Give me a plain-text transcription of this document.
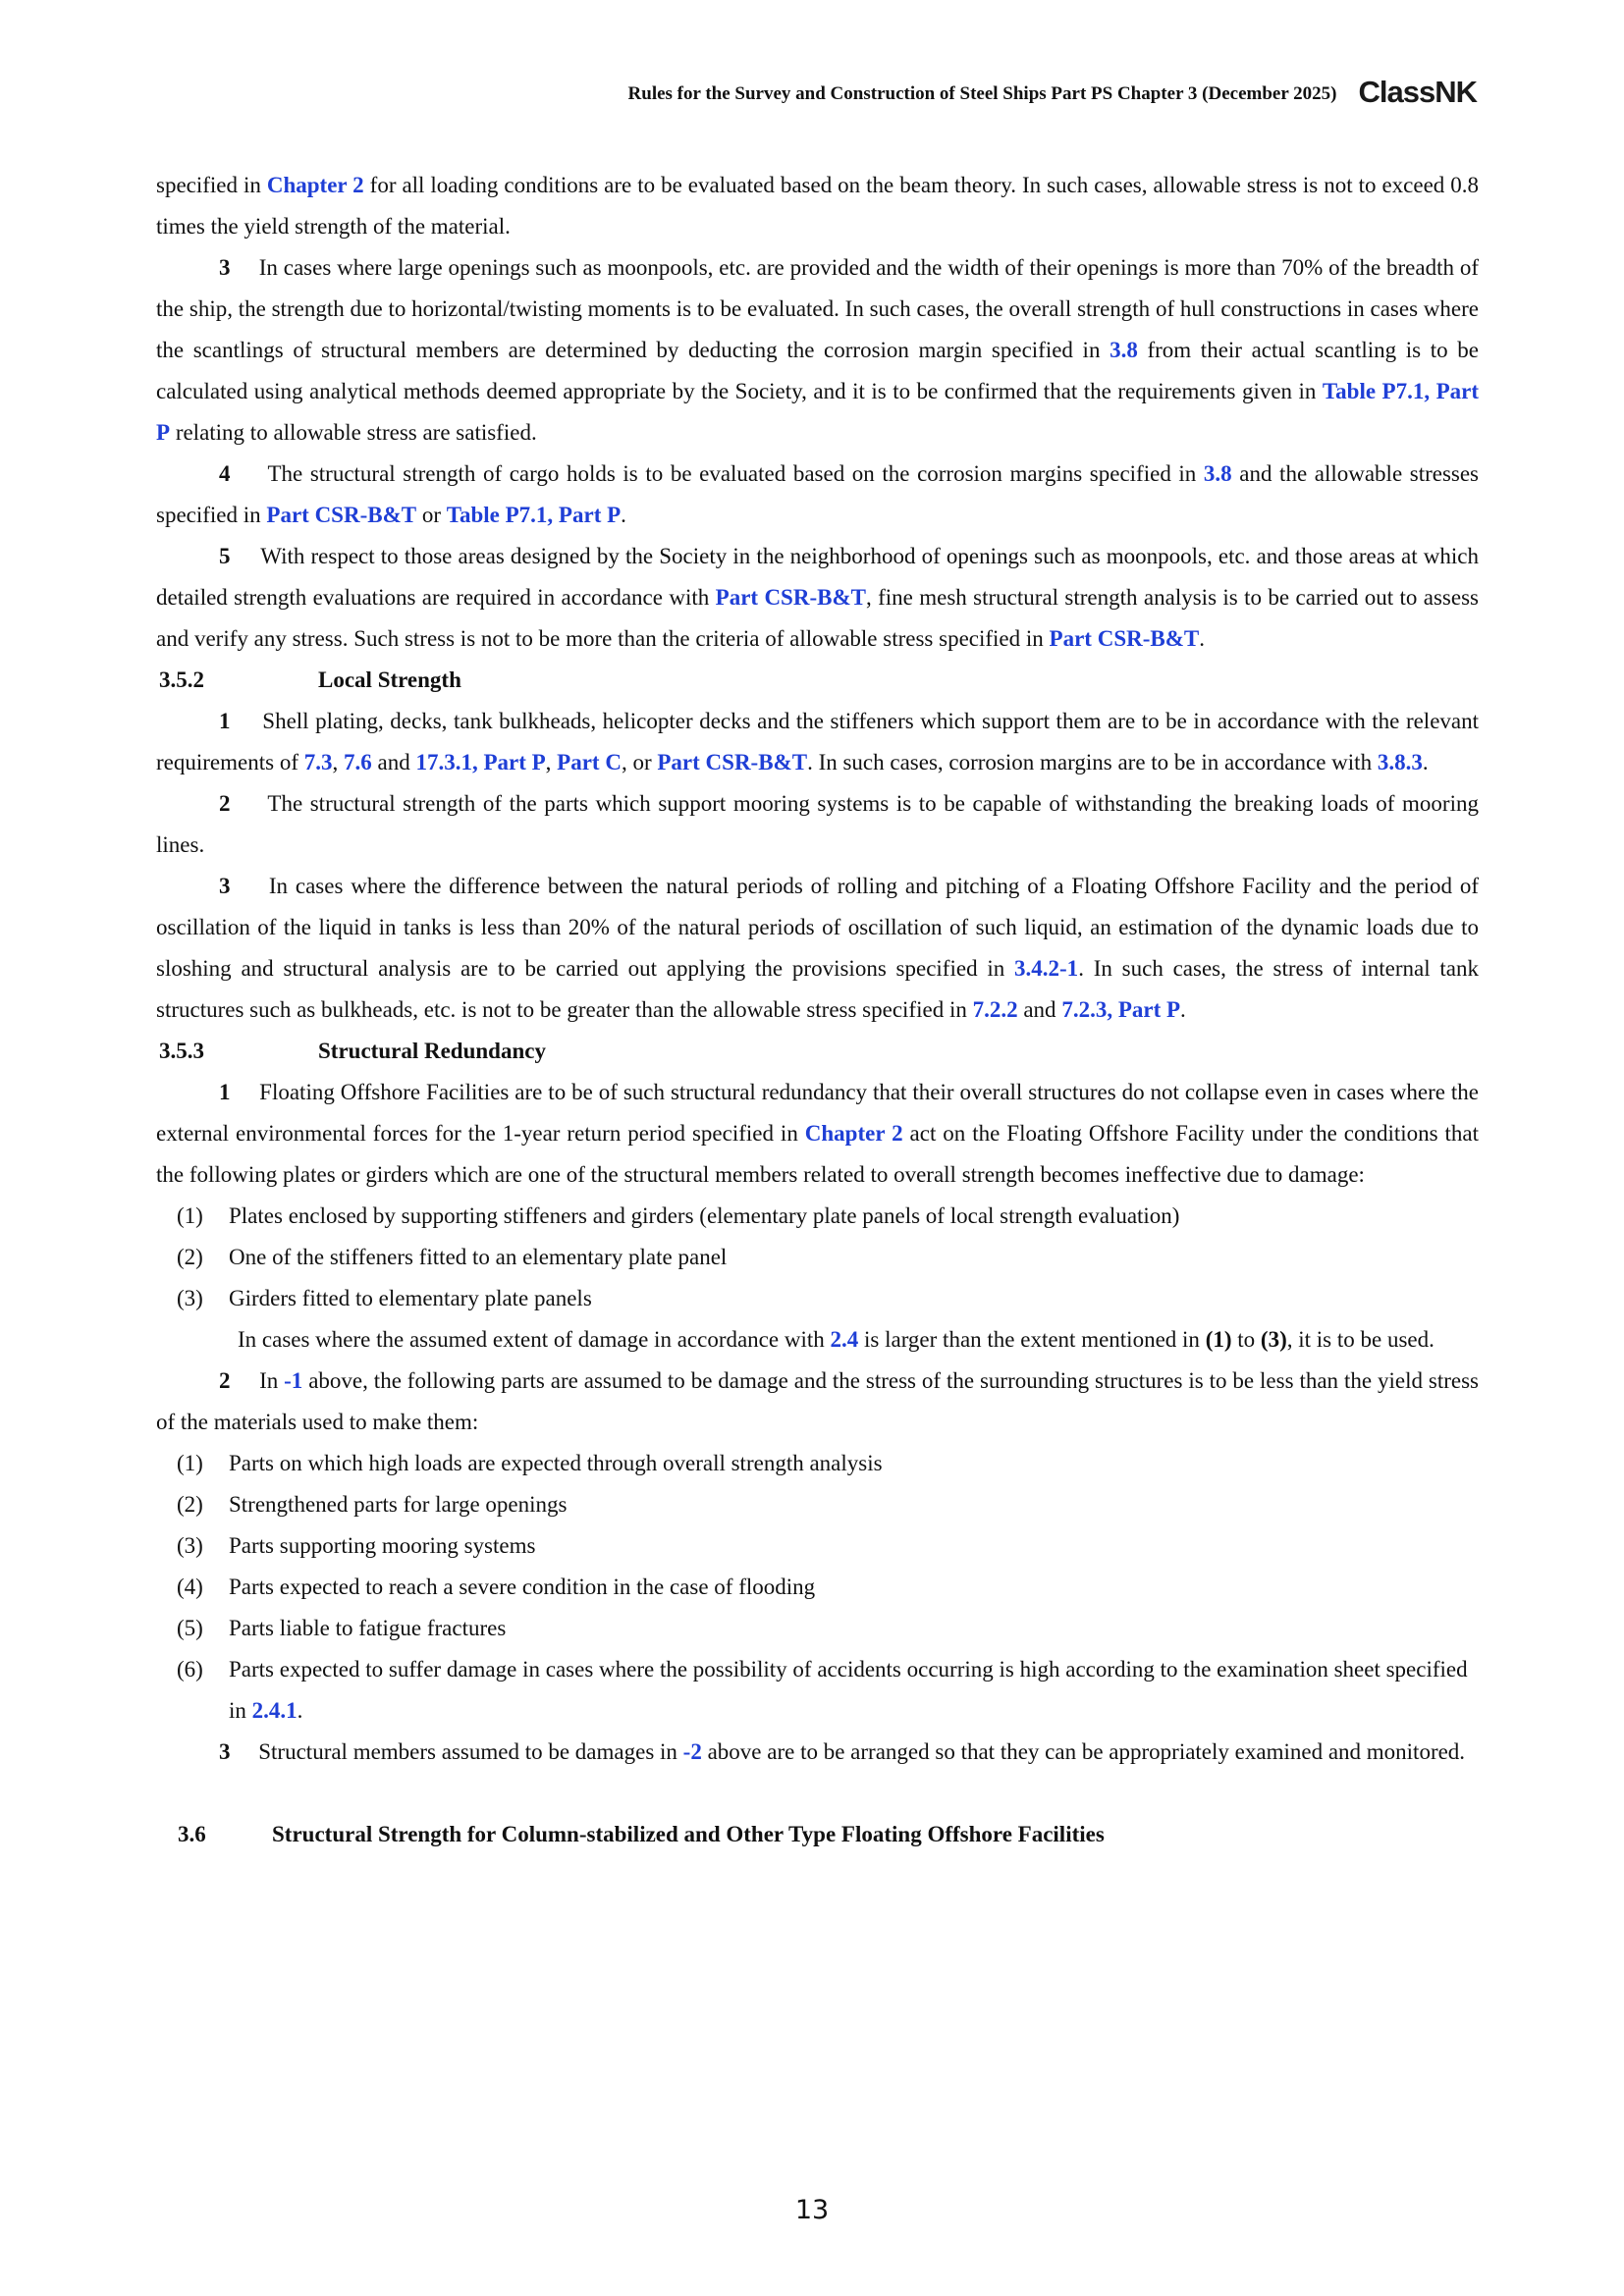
Rules for the Survey and Construction of Steel Ships Part PS Chapter 3 (December 2025) ClassNK

specified in Chapter 2 for all loading conditions are to be evaluated based on the beam theory. In such cases, allowable stress is not to exceed 0.8 times the yield strength of the material.

3 In cases where large openings such as moonpools, etc. are provided and the width of their openings is more than 70% of the breadth of the ship, the strength due to horizontal/twisting moments is to be evaluated. In such cases, the overall strength of hull constructions in cases where the scantlings of structural members are determined by deducting the corrosion margin specified in 3.8 from their actual scantling is to be calculated using analytical methods deemed appropriate by the Society, and it is to be confirmed that the requirements given in Table P7.1, Part P relating to allowable stress are satisfied.

4 The structural strength of cargo holds is to be evaluated based on the corrosion margins specified in 3.8 and the allowable stresses specified in Part CSR-B&T or Table P7.1, Part P.

5 With respect to those areas designed by the Society in the neighborhood of openings such as moonpools, etc. and those areas at which detailed strength evaluations are required in accordance with Part CSR-B&T, fine mesh structural strength analysis is to be carried out to assess and verify any stress. Such stress is not to be more than the criteria of allowable stress specified in Part CSR-B&T.

3.5.2	Local Strength

1 Shell plating, decks, tank bulkheads, helicopter decks and the stiffeners which support them are to be in accordance with the relevant requirements of 7.3, 7.6 and 17.3.1, Part P, Part C, or Part CSR-B&T. In such cases, corrosion margins are to be in accordance with 3.8.3.

2 The structural strength of the parts which support mooring systems is to be capable of withstanding the breaking loads of mooring lines.

3 In cases where the difference between the natural periods of rolling and pitching of a Floating Offshore Facility and the period of oscillation of the liquid in tanks is less than 20% of the natural periods of oscillation of such liquid, an estimation of the dynamic loads due to sloshing and structural analysis are to be carried out applying the provisions specified in 3.4.2-1. In such cases, the stress of internal tank structures such as bulkheads, etc. is not to be greater than the allowable stress specified in 7.2.2 and 7.2.3, Part P.

3.5.3	Structural Redundancy

1 Floating Offshore Facilities are to be of such structural redundancy that their overall structures do not collapse even in cases where the external environmental forces for the 1-year return period specified in Chapter 2 act on the Floating Offshore Facility under the conditions that the following plates or girders which are one of the structural members related to overall strength becomes ineffective due to damage:

(1) Plates enclosed by supporting stiffeners and girders (elementary plate panels of local strength evaluation)
(2) One of the stiffeners fitted to an elementary plate panel
(3) Girders fitted to elementary plate panels

In cases where the assumed extent of damage in accordance with 2.4 is larger than the extent mentioned in (1) to (3), it is to be used.

2 In -1 above, the following parts are assumed to be damage and the stress of the surrounding structures is to be less than the yield stress of the materials used to make them:

(1) Parts on which high loads are expected through overall strength analysis
(2) Strengthened parts for large openings
(3) Parts supporting mooring systems
(4) Parts expected to reach a severe condition in the case of flooding
(5) Parts liable to fatigue fractures
(6) Parts expected to suffer damage in cases where the possibility of accidents occurring is high according to the examination sheet specified in 2.4.1.

3 Structural members assumed to be damages in -2 above are to be arranged so that they can be appropriately examined and monitored.

3.6	Structural Strength for Column-stabilized and Other Type Floating Offshore Facilities

13
